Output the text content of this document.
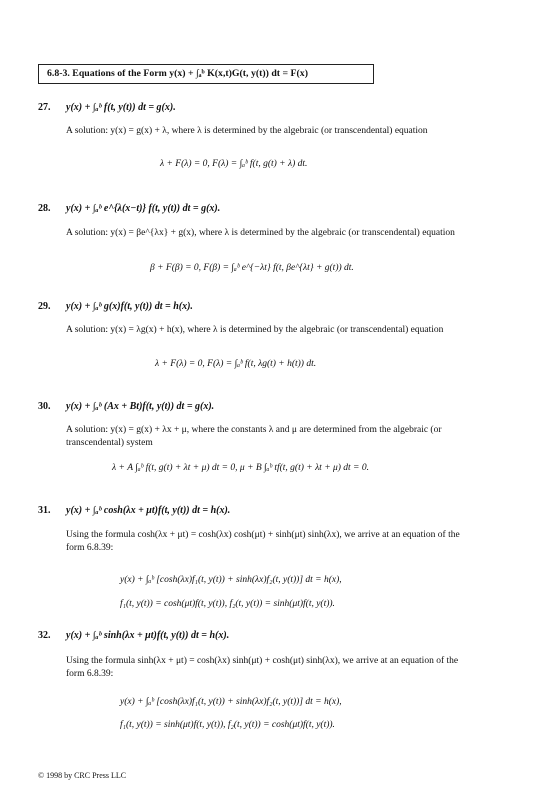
6.8-3. Equations of the Form y(x) + ∫ₐᵇ K(x,t)G(t, y(t)) dt = F(x)
27. y(x) + ∫ₐᵇ f(t, y(t)) dt = g(x).
A solution: y(x) = g(x) + λ, where λ is determined by the algebraic (or transcendental) equation
λ + F(λ) = 0, F(λ) = ∫ₐᵇ f(t, g(t) + λ) dt.
28. y(x) + ∫ₐᵇ e^{λ(x−t)} f(t, y(t)) dt = g(x).
A solution: y(x) = βe^{λx} + g(x), where λ is determined by the algebraic (or transcendental) equation
β + F(β) = 0, F(β) = ∫ₐᵇ e^{−λt} f(t, βe^{λt} + g(t)) dt.
29. y(x) + ∫ₐᵇ g(x)f(t, y(t)) dt = h(x).
A solution: y(x) = λg(x) + h(x), where λ is determined by the algebraic (or transcendental) equation
λ + F(λ) = 0, F(λ) = ∫ₐᵇ f(t, λg(t) + h(t)) dt.
30. y(x) + ∫ₐᵇ (Ax + Bt)f(t, y(t)) dt = g(x).
A solution: y(x) = g(x) + λx + μ, where the constants λ and μ are determined from the algebraic (or transcendental) system
λ + A ∫ₐᵇ f(t, g(t) + λt + μ) dt = 0, μ + B ∫ₐᵇ tf(t, g(t) + λt + μ) dt = 0.
31. y(x) + ∫ₐᵇ cosh(λx + μt)f(t, y(t)) dt = h(x).
Using the formula cosh(λx + μt) = cosh(λx) cosh(μt) + sinh(μt) sinh(λx), we arrive at an equation of the form 6.8.39:
y(x) + ∫ₐᵇ [cosh(λx)f₁(t, y(t)) + sinh(λx)f₂(t, y(t))] dt = h(x),
f₁(t, y(t)) = cosh(μt)f(t, y(t)), f₂(t, y(t)) = sinh(μt)f(t, y(t)).
32. y(x) + ∫ₐᵇ sinh(λx + μt)f(t, y(t)) dt = h(x).
Using the formula sinh(λx + μt) = cosh(λx) sinh(μt) + cosh(μt) sinh(λx), we arrive at an equation of the form 6.8.39:
y(x) + ∫ₐᵇ [cosh(λx)f₁(t, y(t)) + sinh(λx)f₂(t, y(t))] dt = h(x),
f₁(t, y(t)) = sinh(μt)f(t, y(t)), f₂(t, y(t)) = cosh(μt)f(t, y(t)).
© 1998 by CRC Press LLC
